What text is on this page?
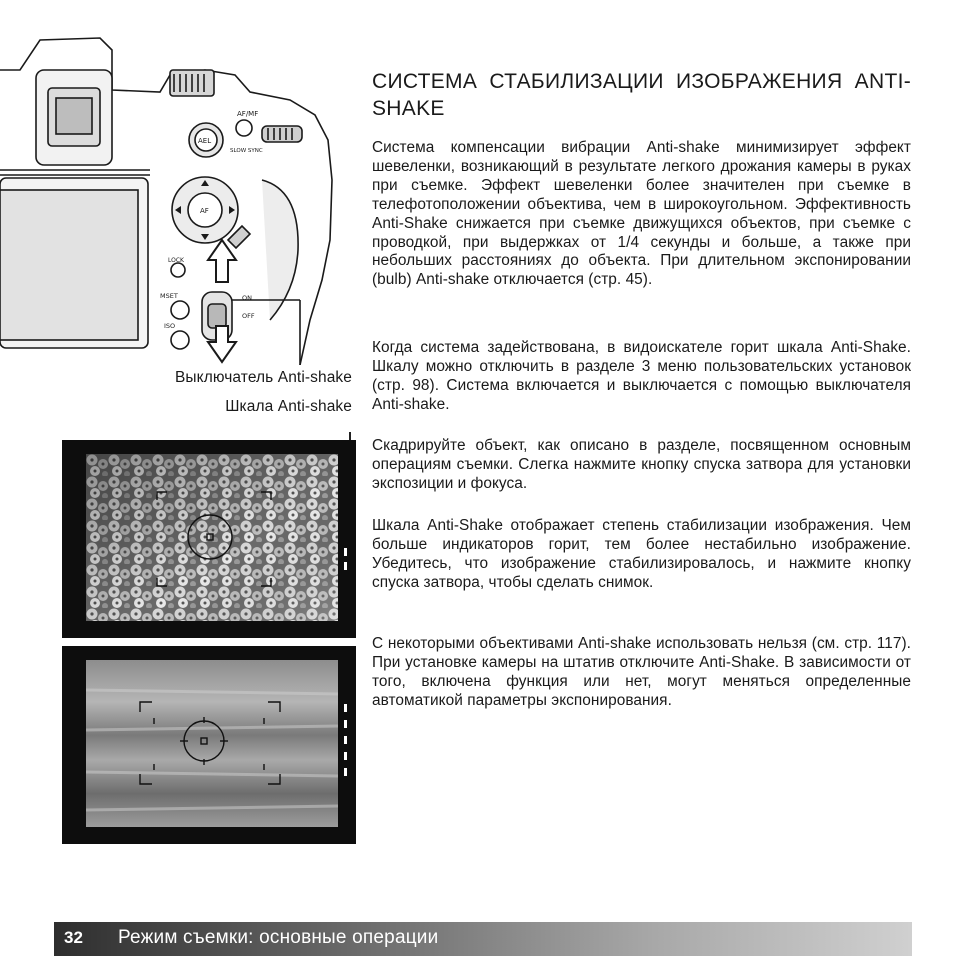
AEL
AF/MF
SLOW SYNC
AF
LOCK
MSET
ISO
ON
OFF
Выключатель Anti-shake
Шкала Anti-shake
СИСТЕМА СТАБИЛИЗАЦИИ ИЗОБРАЖЕНИЯ ANTI-SHAKE

Система компенсации вибрации Anti-shake минимизирует эффект шевеленки, возникающий в результате легкого дрожания камеры в руках при съемке. Эффект шевеленки более значителен при съемке в телефотоположении объектива, чем в широкоугольном. Эффективность Anti-Shake снижается при съемке движущихся объектов, при съемке с проводкой, при выдержках от 1/4 секунды и больше, а также при небольших расстояниях до объекта. При длительном экспонировании (bulb) Anti-shake отключается (стр. 45).

Когда система задействована, в видоискателе горит шкала Anti-Shake. Шкалу можно отключить в разделе 3 меню пользовательских установок (стр. 98). Система включается и выключается с помощью выключателя Anti-shake.

Скадрируйте объект, как описано в разделе, посвященном основным операциям съемки. Слегка нажмите кнопку спуска затвора для установки экспозиции и фокуса.

Шкала Anti-Shake отображает степень стабилизации изображения. Чем больше индикаторов горит, тем более нестабильно изображение. Убедитесь, что изображение стабилизировалось, и нажмите кнопку спуска затвора, чтобы сделать снимок.

С некоторыми объективами Anti-shake использовать нельзя (см. стр. 117). При установке камеры на штатив отключите Anti-Shake. В зависимости от того, включена функция или нет, могут меняться определенные автоматикой параметры экспонирования.

32 Режим съемки: основные операции
